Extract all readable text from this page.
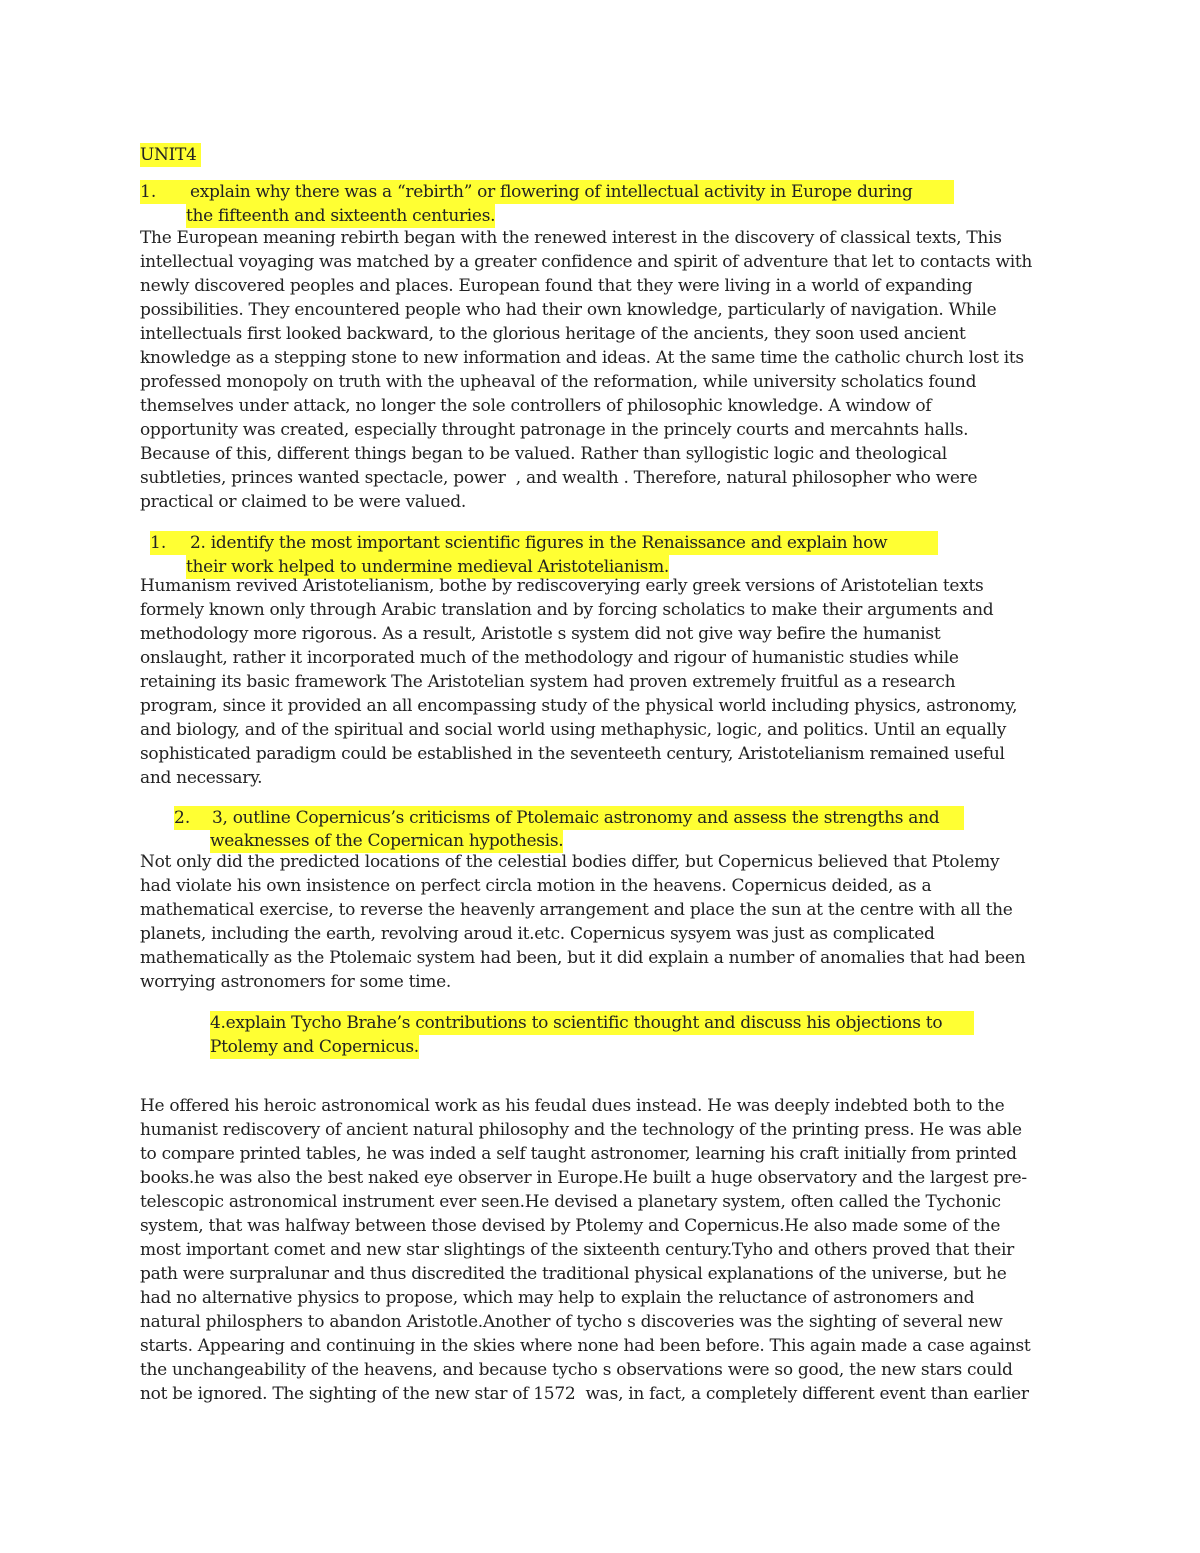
UNIT4
1.	explain why there was a “rebirth” or flowering of intellectual activity in Europe during
the fifteenth and sixteenth centuries.
The European meaning rebirth began with the renewed interest in the discovery of classical texts, This
intellectual voyaging was matched by a greater confidence and spirit of adventure that let to contacts with
newly discovered peoples and places. European found that they were living in a world of expanding
possibilities. They encountered people who had their own knowledge, particularly of navigation. While
intellectuals first looked backward, to the glorious heritage of the ancients, they soon used ancient
knowledge as a stepping stone to new information and ideas. At the same time the catholic church lost its
professed monopoly on truth with the upheaval of the reformation, while university scholatics found
themselves under attack, no longer the sole controllers of philosophic knowledge. A window of
opportunity was created, especially throught patronage in the princely courts and mercahnts halls.
Because of this, different things began to be valued. Rather than syllogistic logic and theological
subtleties, princes wanted spectacle, power  , and wealth . Therefore, natural philosopher who were
practical or claimed to be were valued.
1.	2. identify the most important scientific figures in the Renaissance and explain how
their work helped to undermine medieval Aristotelianism.
Humanism revived Aristotelianism, bothe by rediscoverying early greek versions of Aristotelian texts
formely known only through Arabic translation and by forcing scholatics to make their arguments and
methodology more rigorous. As a result, Aristotle s system did not give way befire the humanist
onslaught, rather it incorporated much of the methodology and rigour of humanistic studies while
retaining its basic framework The Aristotelian system had proven extremely fruitful as a research
program, since it provided an all encompassing study of the physical world including physics, astronomy,
and biology, and of the spiritual and social world using methaphysic, logic, and politics. Until an equally
sophisticated paradigm could be established in the seventeeth century, Aristotelianism remained useful
and necessary.
2.	3, outline Copernicus’s criticisms of Ptolemaic astronomy and assess the strengths and
weaknesses of the Copernican hypothesis.
Not only did the predicted locations of the celestial bodies differ, but Copernicus believed that Ptolemy
had violate his own insistence on perfect circla motion in the heavens. Copernicus deided, as a
mathematical exercise, to reverse the heavenly arrangement and place the sun at the centre with all the
planets, including the earth, revolving aroud it.etc. Copernicus sysyem was just as complicated
mathematically as the Ptolemaic system had been, but it did explain a number of anomalies that had been
worrying astronomers for some time.
4.explain Tycho Brahe’s contributions to scientific thought and discuss his objections to
Ptolemy and Copernicus.
He offered his heroic astronomical work as his feudal dues instead. He was deeply indebted both to the
humanist rediscovery of ancient natural philosophy and the technology of the printing press. He was able
to compare printed tables, he was inded a self taught astronomer, learning his craft initially from printed
books.he was also the best naked eye observer in Europe.He built a huge observatory and the largest pre-
telescopic astronomical instrument ever seen.He devised a planetary system, often called the Tychonic
system, that was halfway between those devised by Ptolemy and Copernicus.He also made some of the
most important comet and new star slightings of the sixteenth century.Tyho and others proved that their
path were surpralunar and thus discredited the traditional physical explanations of the universe, but he
had no alternative physics to propose, which may help to explain the reluctance of astronomers and
natural philosphers to abandon Aristotle.Another of tycho s discoveries was the sighting of several new
starts. Appearing and continuing in the skies where none had been before. This again made a case against
the unchangeability of the heavens, and because tycho s observations were so good, the new stars could
not be ignored. The sighting of the new star of 1572  was, in fact, a completely different event than earlier
